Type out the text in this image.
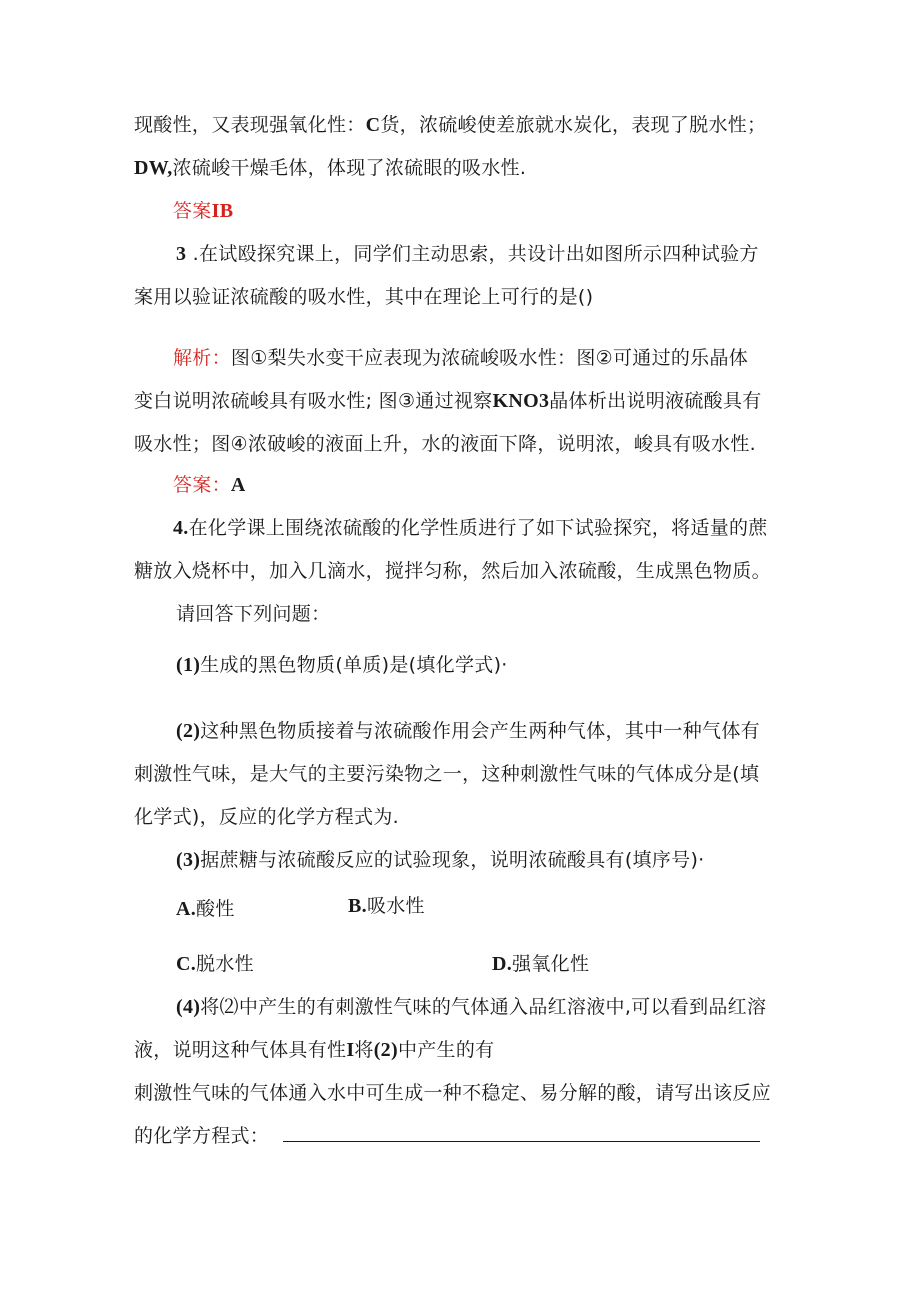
现酸性，又表现强氧化性：C货，浓硫峻使差旅就水炭化，表现了脱水性；
DW,浓硫峻干燥毛体，体现了浓硫眼的吸水性.
答案IB
3 .在试殴探究课上，同学们主动思索，共设计出如图所示四种试验方
案用以验证浓硫酸的吸水性，其中在理论上可行的是()
解析：图①梨失水变干应表现为浓硫峻吸水性：图②可通过的乐晶体
变白说明浓硫峻具有吸水性; 图③通过视察KNO3晶体析出说明液硫酸具有
吸水性；图④浓破峻的液面上升，水的液面下降，说明浓，峻具有吸水性.
答案：A
4.在化学课上围绕浓硫酸的化学性质进行了如下试验探究，将适量的蔗
糖放入烧杯中，加入几滴水，搅拌匀称，然后加入浓硫酸，生成黑色物质。
请回答下列问题：
(1)生成的黑色物质(单质)是(填化学式)·
(2)这种黑色物质接着与浓硫酸作用会产生两种气体，其中一种气体有
刺激性气味，是大气的主要污染物之一，这种刺激性气味的气体成分是(填
化学式)，反应的化学方程式为.
(3)据蔗糖与浓硫酸反应的试验现象，说明浓硫酸具有(填序号)·
A.酸性	B.吸水性
C.脱水性	D.强氧化性
(4)将⑵中产生的有刺激性气味的气体通入品红溶液中,可以看到品红溶
液，说明这种气体具有性I将(2)中产生的有
刺激性气味的气体通入水中可生成一种不稳定、易分解的酸，请写出该反应
的化学方程式：
